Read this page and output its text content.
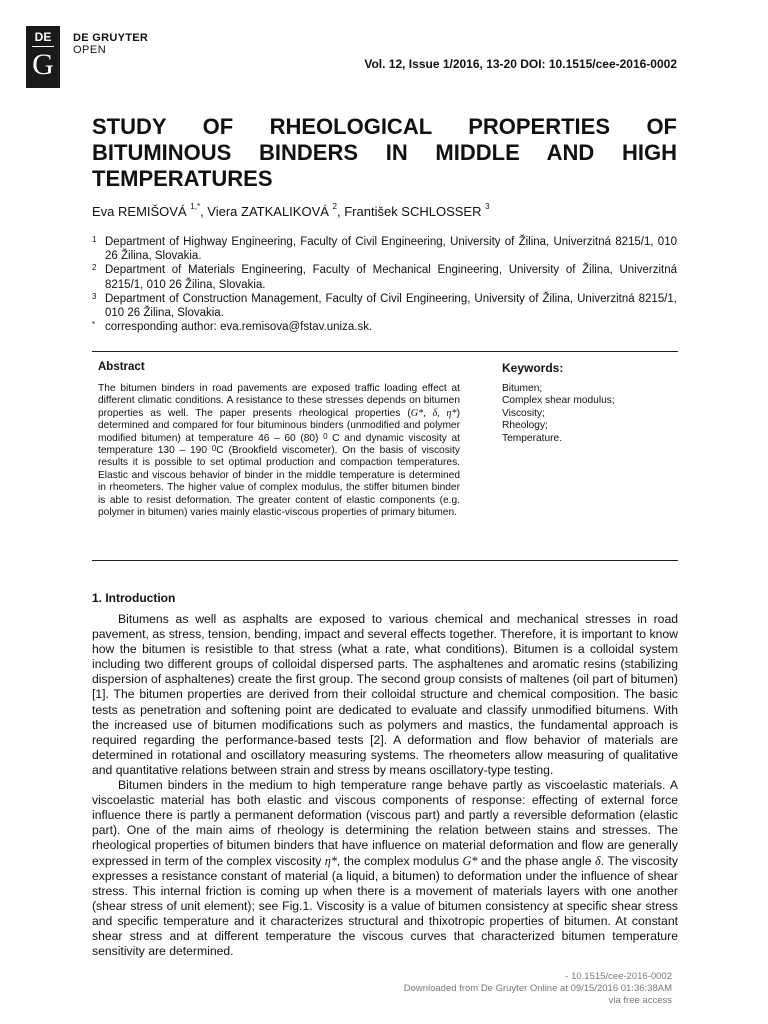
DE
G
DE GRUYTER
OPEN
Vol. 12, Issue 1/2016, 13-20 DOI: 10.1515/cee-2016-0002
STUDY OF RHEOLOGICAL PROPERTIES OF BITUMINOUS BINDERS IN MIDDLE AND HIGH TEMPERATURES
Eva REMIŠOVÁ $^{1,*}$, Viera ZATKALIKOVÁ $^2$, František SCHLOSSER $^3$
1 Department of Highway Engineering, Faculty of Civil Engineering, University of Žilina, Univerzitná 8215/1, 010 26 Žilina, Slovakia.
2 Department of Materials Engineering, Faculty of Mechanical Engineering, University of Žilina, Univerzitná 8215/1, 010 26 Žilina, Slovakia.
3 Department of Construction Management, Faculty of Civil Engineering, University of Žilina, Univerzitná 8215/1, 010 26 Žilina, Slovakia.
* corresponding author: eva.remisova@fstav.uniza.sk.
Abstract
The bitumen binders in road pavements are exposed traffic loading effect at different climatic conditions. A resistance to these stresses depends on bitumen properties as well. The paper presents rheological properties (G*, δ, η*) determined and compared for four bituminous binders (unmodified and polymer modified bitumen) at temperature 46 – 60 (80) $^0$ C and dynamic viscosity at temperature 130 – 190 $^0$C (Brookfield viscometer). On the basis of viscosity results it is possible to set optimal production and compaction temperatures. Elastic and viscous behavior of binder in the middle temperature is determined in rheometers. The higher value of complex modulus, the stiffer bitumen binder is able to resist deformation. The greater content of elastic components (e.g. polymer in bitumen) varies mainly elastic-viscous properties of primary bitumen.
Keywords:
Bitumen;
Complex shear modulus;
Viscosity;
Rheology;
Temperature.
1. Introduction

Bitumens as well as asphalts are exposed to various chemical and mechanical stresses in road pavement, as stress, tension, bending, impact and several effects together. Therefore, it is important to know how the bitumen is resistible to that stress (what a rate, what conditions). Bitumen is a colloidal system including two different groups of colloidal dispersed parts. The asphaltenes and aromatic resins (stabilizing dispersion of asphaltenes) create the first group. The second group consists of maltenes (oil part of bitumen) [1]. The bitumen properties are derived from their colloidal structure and chemical composition. The basic tests as penetration and softening point are dedicated to evaluate and classify unmodified bitumens. With the increased use of bitumen modifications such as polymers and mastics, the fundamental approach is required regarding the performance-based tests [2]. A deformation and flow behavior of materials are determined in rotational and oscillatory measuring systems. The rheometers allow measuring of qualitative and quantitative relations between strain and stress by means oscillatory-type testing.

Bitumen binders in the medium to high temperature range behave partly as viscoelastic materials. A viscoelastic material has both elastic and viscous components of response: effecting of external force influence there is partly a permanent deformation (viscous part) and partly a reversible deformation (elastic part). One of the main aims of rheology is determining the relation between stains and stresses. The rheological properties of bitumen binders that have influence on material deformation and flow are generally expressed in term of the complex viscosity η*, the complex modulus G* and the phase angle δ. The viscosity expresses a resistance constant of material (a liquid, a bitumen) to deformation under the influence of shear stress. This internal friction is coming up when there is a movement of materials layers with one another (shear stress of unit element); see Fig.1. Viscosity is a value of bitumen consistency at specific shear stress and specific temperature and it characterizes structural and thixotropic properties of bitumen. At constant shear stress and at different temperature the viscous curves that characterized bitumen temperature sensitivity are determined.

- 10.1515/cee-2016-0002
Downloaded from De Gruyter Online at 09/15/2016 01:36:38AM
via free access
